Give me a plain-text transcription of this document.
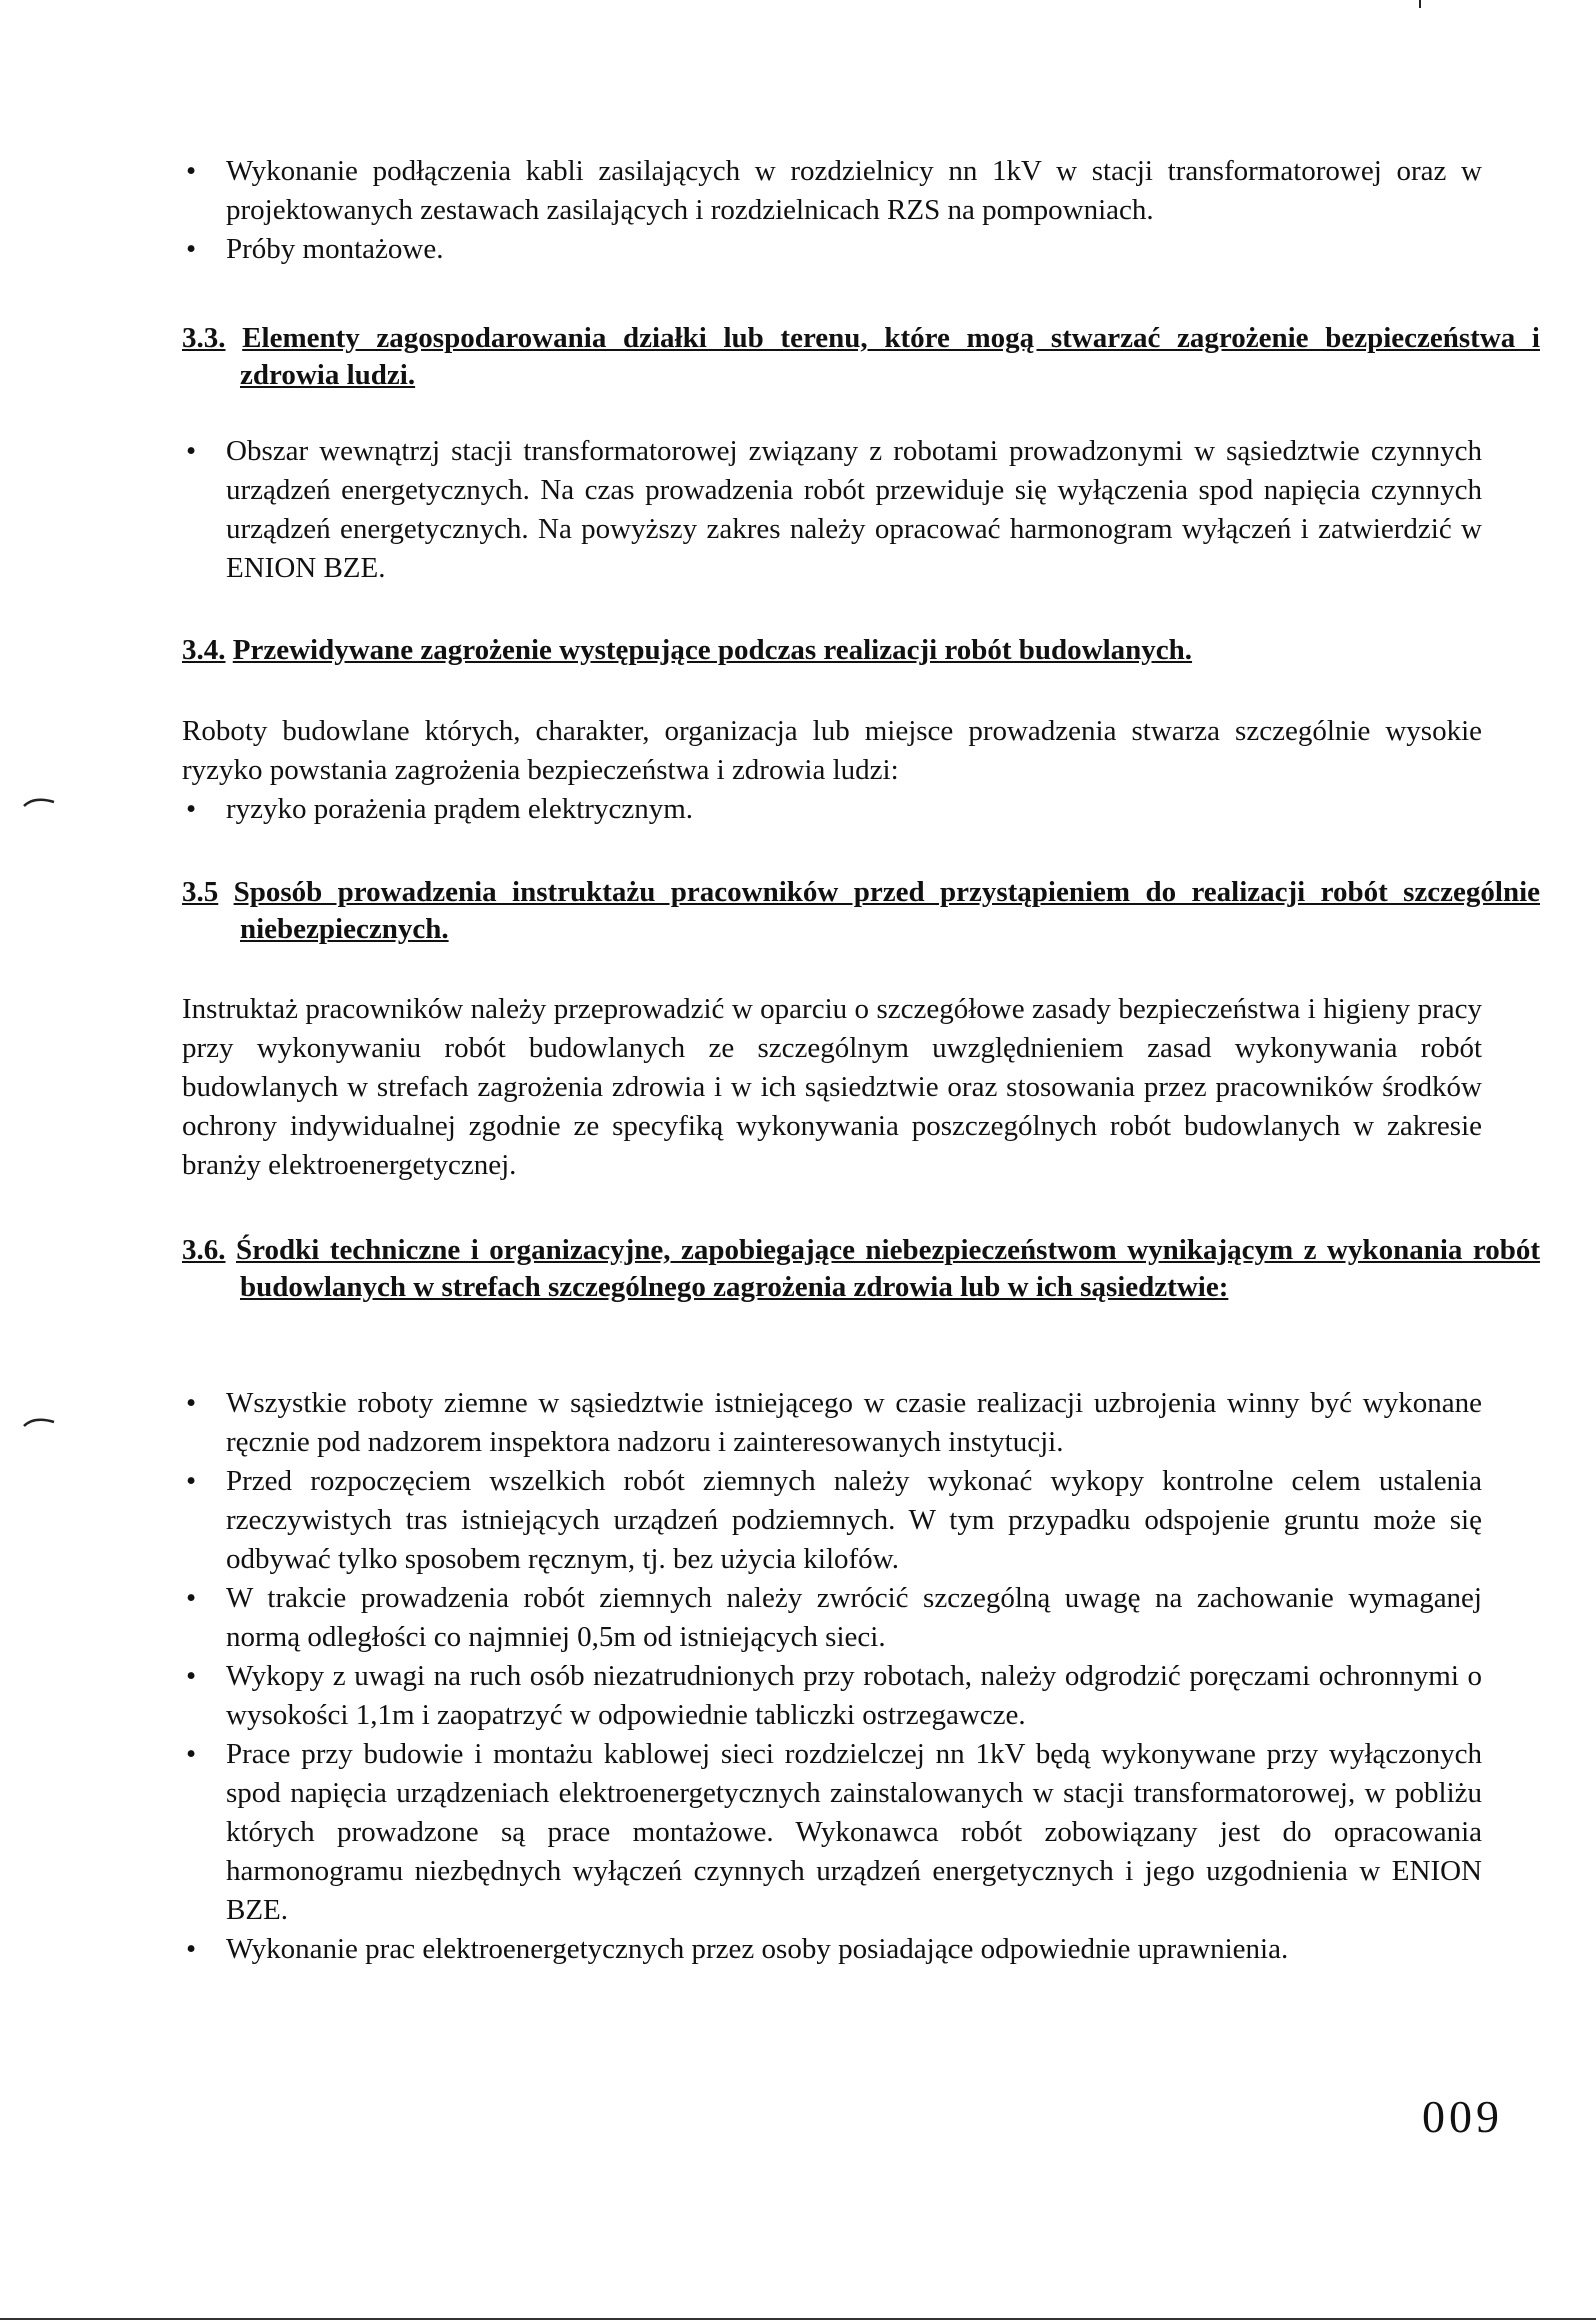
• Wykonanie podłączenia kabli zasilających w rozdzielnicy nn 1kV w stacji transformatorowej oraz w projektowanych zestawach zasilających i rozdzielnicach RZS na pompowniach.
• Próby montażowe.
3.3. Elementy zagospodarowania działki lub terenu, które mogą stwarzać zagrożenie bezpieczeństwa i zdrowia ludzi.
• Obszar wewnątrzj stacji transformatorowej związany z robotami prowadzonymi w sąsiedztwie czynnych urządzeń energetycznych. Na czas prowadzenia robót przewiduje się wyłączenia spod napięcia czynnych urządzeń energetycznych. Na powyższy zakres należy opracować harmonogram wyłączeń i zatwierdzić w ENION BZE.
3.4. Przewidywane zagrożenie występujące podczas realizacji robót budowlanych.

Roboty budowlane których, charakter, organizacja lub miejsce prowadzenia stwarza szczególnie wysokie ryzyko powstania zagrożenia bezpieczeństwa i zdrowia ludzi:

• ryzyko porażenia prądem elektrycznym.
3.5 Sposób prowadzenia instruktażu pracowników przed przystąpieniem do realizacji robót szczególnie niebezpiecznych.

Instruktaż pracowników należy przeprowadzić w oparciu o szczegółowe zasady bezpieczeństwa i higieny pracy przy wykonywaniu robót budowlanych ze szczególnym uwzględnieniem zasad wykonywania robót budowlanych w strefach zagrożenia zdrowia i w ich sąsiedztwie oraz stosowania przez pracowników środków ochrony indywidualnej zgodnie ze specyfiką wykonywania poszczególnych robót budowlanych w zakresie branży elektroenergetycznej.

3.6. Środki techniczne i organizacyjne, zapobiegające niebezpieczeństwom wynikającym z wykonania robót budowlanych w strefach szczególnego zagrożenia zdrowia lub w ich sąsiedztwie:
• Wszystkie roboty ziemne w sąsiedztwie istniejącego w czasie realizacji uzbrojenia winny być wykonane ręcznie pod nadzorem inspektora nadzoru i zainteresowanych instytucji.
• Przed rozpoczęciem wszelkich robót ziemnych należy wykonać wykopy kontrolne celem ustalenia rzeczywistych tras istniejących urządzeń podziemnych. W tym przypadku odspojenie gruntu może się odbywać tylko sposobem ręcznym, tj. bez użycia kilofów.
• W trakcie prowadzenia robót ziemnych należy zwrócić szczególną uwagę na zachowanie wymaganej normą odległości co najmniej 0,5m od istniejących sieci.
• Wykopy z uwagi na ruch osób niezatrudnionych przy robotach, należy odgrodzić poręczami ochronnymi o wysokości 1,1m i zaopatrzyć w odpowiednie tabliczki ostrzegawcze.
• Prace przy budowie i montażu kablowej sieci rozdzielczej nn 1kV będą wykonywane przy wyłączonych spod napięcia urządzeniach elektroenergetycznych zainstalowanych w stacji transformatorowej, w pobliżu których prowadzone są prace montażowe. Wykonawca robót zobowiązany jest do opracowania harmonogramu niezbędnych wyłączeń czynnych urządzeń energetycznych i jego uzgodnienia w ENION BZE.
• Wykonanie prac elektroenergetycznych przez osoby posiadające odpowiednie uprawnienia.
009
